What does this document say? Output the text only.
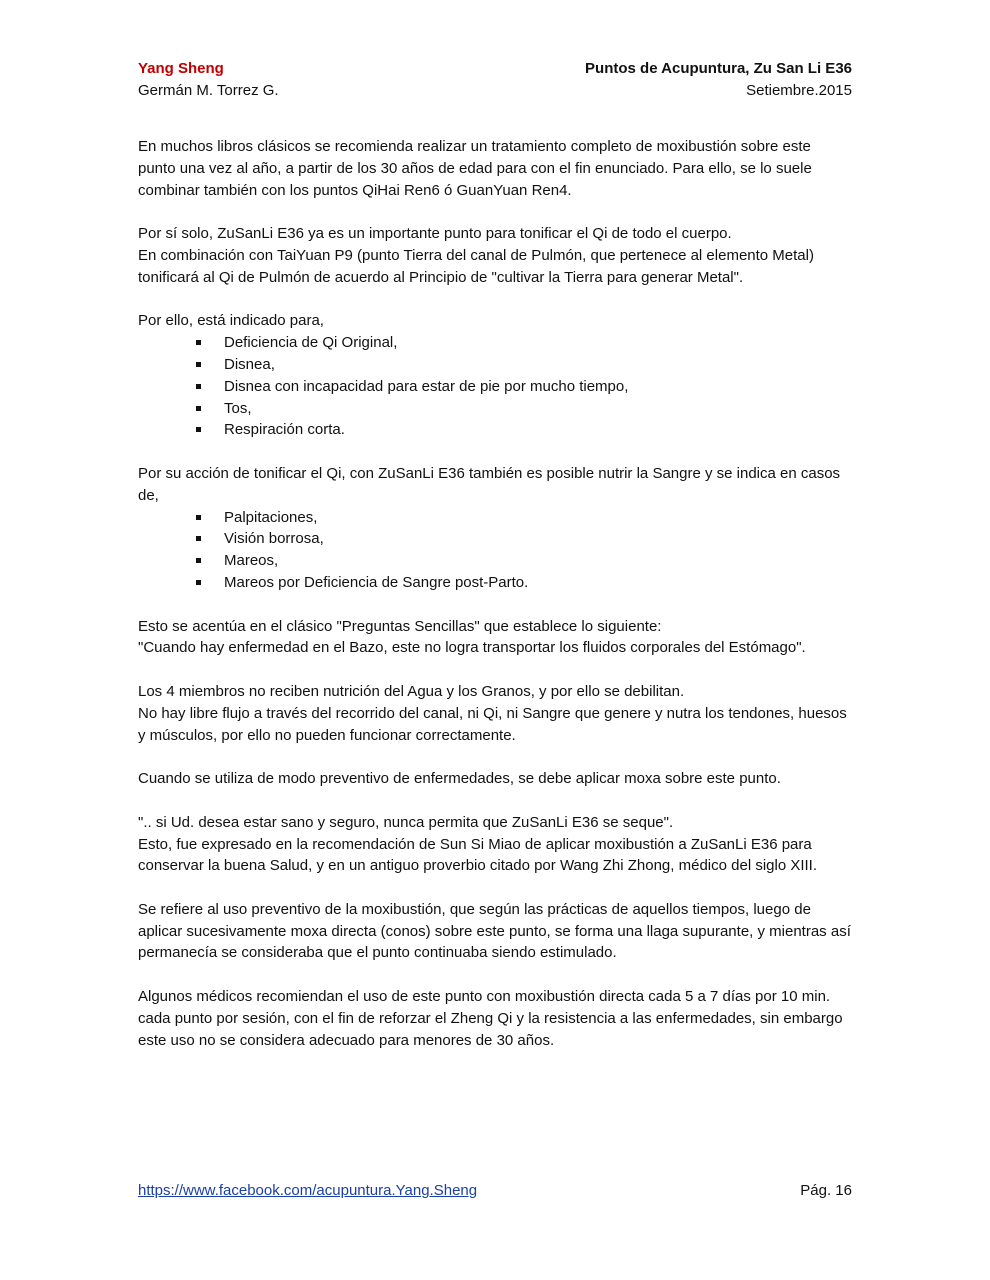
Yang Sheng	Puntos de Acupuntura, Zu San Li E36
Germán M. Torrez G.	Setiembre.2015

En muchos libros clásicos se recomienda realizar un tratamiento completo de moxibustión sobre este punto una vez al año, a partir de los 30 años de edad para con el fin enunciado. Para ello, se lo suele combinar también con los puntos QiHai Ren6 ó GuanYuan Ren4.

Por sí solo, ZuSanLi E36 ya es un importante punto para tonificar el Qi de todo el cuerpo.

En combinación con TaiYuan P9 (punto Tierra del canal de Pulmón, que pertenece al elemento Metal) tonificará al Qi de Pulmón de acuerdo al Principio de "cultivar la Tierra para generar Metal".

Por ello, está indicado para,

Deficiencia de Qi Original,
Disnea,
Disnea con incapacidad para estar de pie por mucho tiempo,
Tos,
Respiración corta.

Por su acción de tonificar el Qi, con ZuSanLi E36 también es posible nutrir la Sangre y se indica en casos de,

Palpitaciones,
Visión borrosa,
Mareos,
Mareos por Deficiencia de Sangre post-Parto.

Esto se acentúa en el clásico "Preguntas Sencillas" que establece lo siguiente:

"Cuando hay enfermedad en el Bazo, este no logra transportar los fluidos corporales del Estómago".

Los 4 miembros no reciben nutrición del Agua y los Granos, y por ello se debilitan.

No hay libre flujo a través del recorrido del canal, ni Qi, ni Sangre que genere y nutra los tendones, huesos y músculos, por ello no pueden funcionar correctamente.

Cuando se utiliza de modo preventivo de enfermedades, se debe aplicar moxa sobre este punto.

".. si Ud. desea estar sano y seguro, nunca permita que ZuSanLi E36 se seque".

Esto, fue expresado en la recomendación de Sun Si Miao de aplicar moxibustión a ZuSanLi E36 para conservar la buena Salud, y en un antiguo proverbio citado por Wang Zhi Zhong, médico del siglo XIII.

Se refiere al uso preventivo de la moxibustión, que según las prácticas de aquellos tiempos, luego de aplicar sucesivamente moxa directa (conos) sobre este punto, se forma una llaga supurante, y mientras así permanecía se consideraba que el punto continuaba siendo estimulado.

Algunos médicos recomiendan el uso de este punto con moxibustión directa cada 5 a 7 días por 10 min. cada punto por sesión, con el fin de reforzar el Zheng Qi y la resistencia a las enfermedades, sin embargo este uso no se considera adecuado para menores de 30 años.

https://www.facebook.com/acupuntura.Yang.Sheng	Pág. 16
